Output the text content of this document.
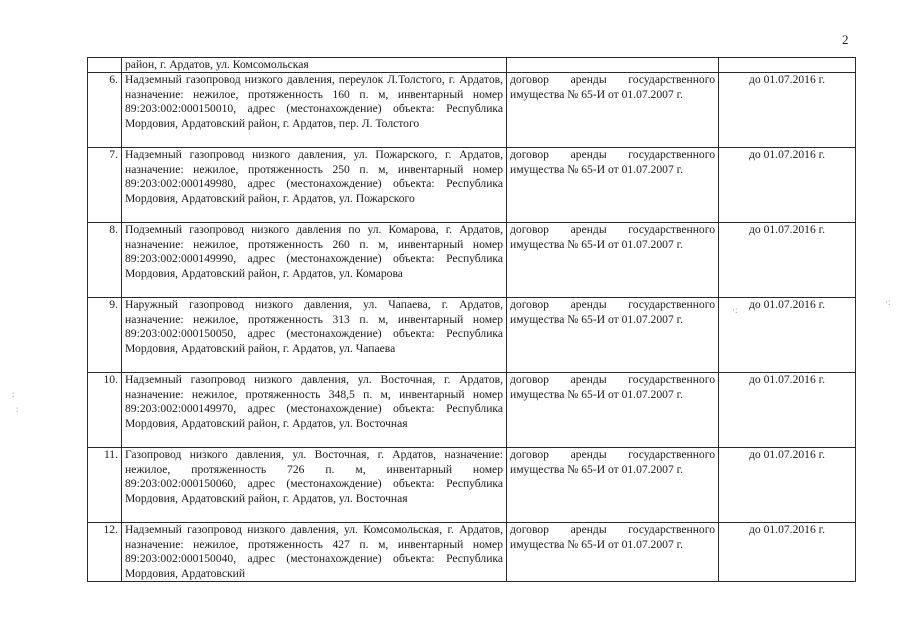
2
	район, г. Ардатов, ул. Комсомольская		
6.	Надземный газопровод низкого давления, переулок Л.Толстого, г. Ардатов, назначение: нежилое, протяженность 160 п. м, инвентарный номер 89:203:002:000150010, адрес (местонахождение) объекта: Республика Мордовия, Ардатовский район, г. Ардатов, пер. Л. Толстого	договор аренды государственного имущества № 65-И от 01.07.2007 г.	до 01.07.2016 г.
7.	Надземный газопровод низкого давления, ул. Пожарского, г. Ардатов, назначение: нежилое, протяженность 250 п. м, инвентарный номер 89:203:002:000149980, адрес (местонахождение) объекта: Республика Мордовия, Ардатовский район, г. Ардатов, ул. Пожарского	договор аренды государственного имущества № 65-И от 01.07.2007 г.	до 01.07.2016 г.
8.	Подземный газопровод низкого давления по ул. Комарова, г. Ардатов, назначение: нежилое, протяженность 260 п. м, инвентарный номер 89:203:002:000149990, адрес (местонахождение) объекта: Республика Мордовия, Ардатовский район, г. Ардатов, ул. Комарова	договор аренды государственного имущества № 65-И от 01.07.2007 г.	до 01.07.2016 г.
9.	Наружный газопровод низкого давления, ул. Чапаева, г. Ардатов, назначение: нежилое, протяженность 313 п. м, инвентарный номер 89:203:002:000150050, адрес (местонахождение) объекта: Республика Мордовия, Ардатовский район, г. Ардатов, ул. Чапаева	договор аренды государственного имущества № 65-И от 01.07.2007 г.	до 01.07.2016 г.
10.	Надземный газопровод низкого давления, ул. Восточная, г. Ардатов, назначение: нежилое, протяженность 348,5 п. м, инвентарный номер 89:203:002:000149970, адрес (местонахождение) объекта: Республика Мордовия, Ардатовский район, г. Ардатов, ул. Восточная	договор аренды государственного имущества № 65-И от 01.07.2007 г.	до 01.07.2016 г.
11.	Газопровод низкого давления, ул. Восточная, г. Ардатов, назначение: нежилое, протяженность 726 п. м, инвентарный номер 89:203:002:000150060, адрес (местонахождение) объекта: Республика Мордовия, Ардатовский район, г. Ардатов, ул. Восточная	договор аренды государственного имущества № 65-И от 01.07.2007 г.	до 01.07.2016 г.
12.	Надземный газопровод низкого давления, ул. Комсомольская, г. Ардатов, назначение: нежилое, протяженность 427 п. м, инвентарный номер 89:203:002:000150040, адрес (местонахождение) объекта: Республика Мордовия, Ардатовский	договор аренды государственного имущества № 65-И от 01.07.2007 г.	до 01.07.2016 г.
·:
·:
:
:
